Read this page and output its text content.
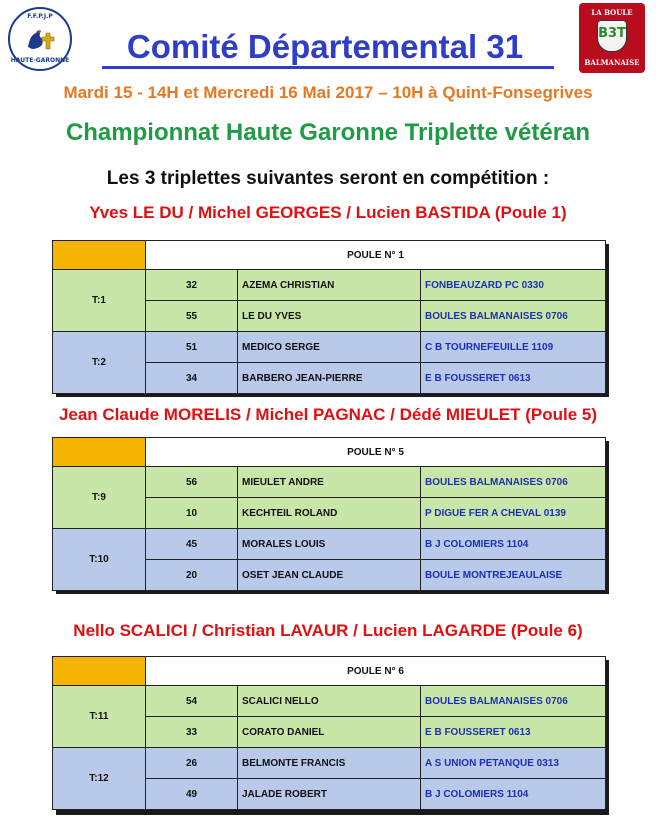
F.F.P.J.P
HAUTE-GARONNE
LA BOULE
B3T
BALMANAISE
Comité Départemental 31
Mardi 15 - 14H et Mercredi 16 Mai 2017 – 10H à Quint-Fonsegrives
Championnat Haute Garonne Triplette vétéran
Les 3 triplettes suivantes seront en compétition :
Yves LE DU / Michel GEORGES / Lucien BASTIDA (Poule 1)
	POULE N° 1		
T:1	32	AZEMA CHRISTIAN	FONBEAUZARD PC 0330
	55	LE DU YVES	BOULES BALMANAISES 0706
T:2	51	MEDICO SERGE	C B TOURNEFEUILLE 1109
	34	BARBERO JEAN-PIERRE	E B FOUSSERET 0613
Jean Claude MORELIS / Michel PAGNAC / Dédé MIEULET (Poule 5)
	POULE N° 5		
T:9	56	MIEULET ANDRE	BOULES BALMANAISES 0706
	10	KECHTEIL ROLAND	P DIGUE FER A CHEVAL 0139
T:10	45	MORALES LOUIS	B J COLOMIERS 1104
	20	OSET JEAN CLAUDE	BOULE MONTREJEAULAISE
Nello SCALICI / Christian LAVAUR / Lucien LAGARDE (Poule 6)
	POULE N° 6		
T:11	54	SCALICI NELLO	BOULES BALMANAISES 0706
	33	CORATO DANIEL	E B FOUSSERET 0613
T:12	26	BELMONTE FRANCIS	A S UNION PETANQUE 0313
	49	JALADE ROBERT	B J COLOMIERS 1104
